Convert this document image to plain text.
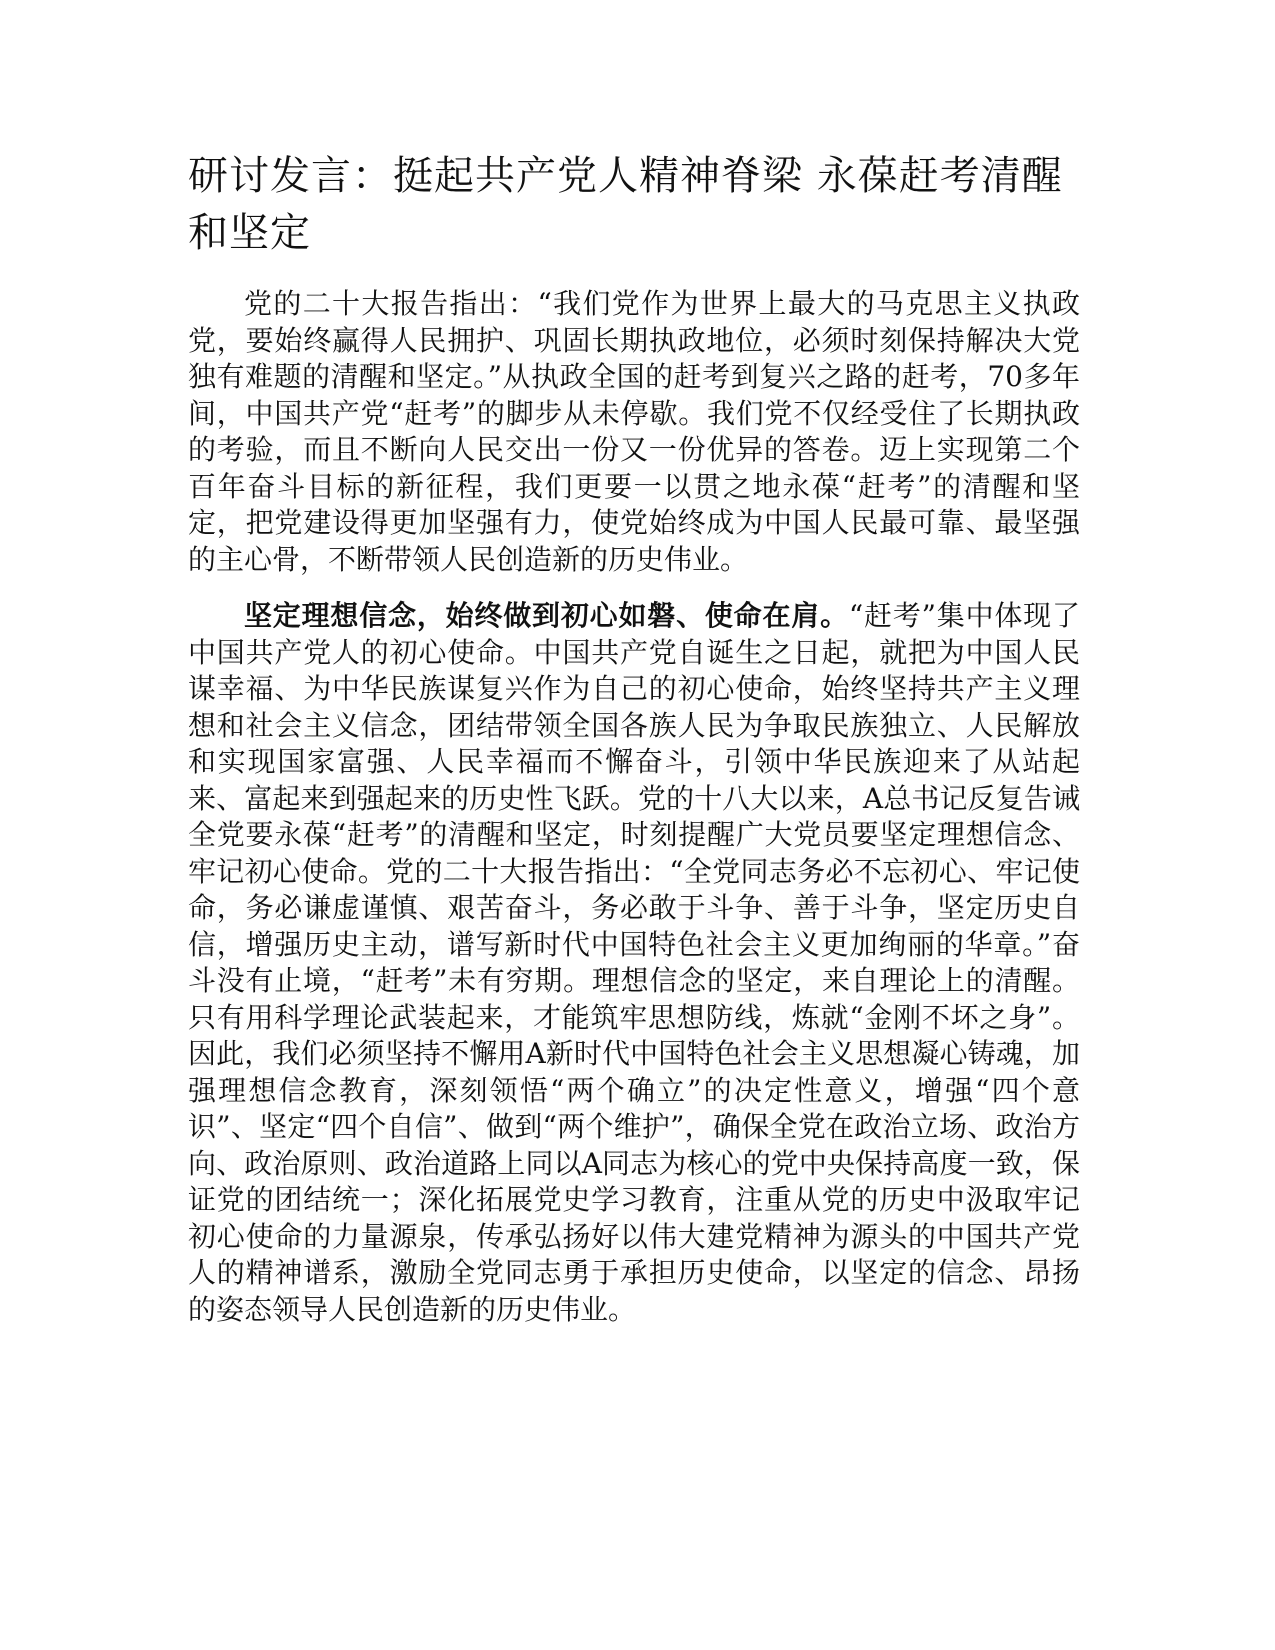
研讨发言：挺起共产党人精神脊梁 永葆赶考清醒和坚定

党的二十大报告指出：“我们党作为世界上最大的马克思主义执政党，要始终赢得人民拥护、巩固长期执政地位，必须时刻保持解决大党独有难题的清醒和坚定。”从执政全国的赶考到复兴之路的赶考，70多年间，中国共产党“赶考”的脚步从未停歇。我们党不仅经受住了长期执政的考验，而且不断向人民交出一份又一份优异的答卷。迈上实现第二个百年奋斗目标的新征程，我们更要一以贯之地永葆“赶考”的清醒和坚定，把党建设得更加坚强有力，使党始终成为中国人民最可靠、最坚强的主心骨，不断带领人民创造新的历史伟业。

坚定理想信念，始终做到初心如磐、使命在肩。“赶考”集中体现了中国共产党人的初心使命。中国共产党自诞生之日起，就把为中国人民谋幸福、为中华民族谋复兴作为自己的初心使命，始终坚持共产主义理想和社会主义信念，团结带领全国各族人民为争取民族独立、人民解放和实现国家富强、人民幸福而不懈奋斗，引领中华民族迎来了从站起来、富起来到强起来的历史性飞跃。党的十八大以来，A总书记反复告诫全党要永葆“赶考”的清醒和坚定，时刻提醒广大党员要坚定理想信念、牢记初心使命。党的二十大报告指出：“全党同志务必不忘初心、牢记使命，务必谦虚谨慎、艰苦奋斗，务必敢于斗争、善于斗争，坚定历史自信，增强历史主动，谱写新时代中国特色社会主义更加绚丽的华章。”奋斗没有止境，“赶考”未有穷期。理想信念的坚定，来自理论上的清醒。只有用科学理论武装起来，才能筑牢思想防线，炼就“金刚不坏之身”。因此，我们必须坚持不懈用A新时代中国特色社会主义思想凝心铸魂，加强理想信念教育，深刻领悟“两个确立”的决定性意义，增强“四个意识”、坚定“四个自信”、做到“两个维护”，确保全党在政治立场、政治方向、政治原则、政治道路上同以A同志为核心的党中央保持高度一致，保证党的团结统一；深化拓展党史学习教育，注重从党的历史中汲取牢记初心使命的力量源泉，传承弘扬好以伟大建党精神为源头的中国共产党人的精神谱系，激励全党同志勇于承担历史使命，以坚定的信念、昂扬的姿态领导人民创造新的历史伟业。
